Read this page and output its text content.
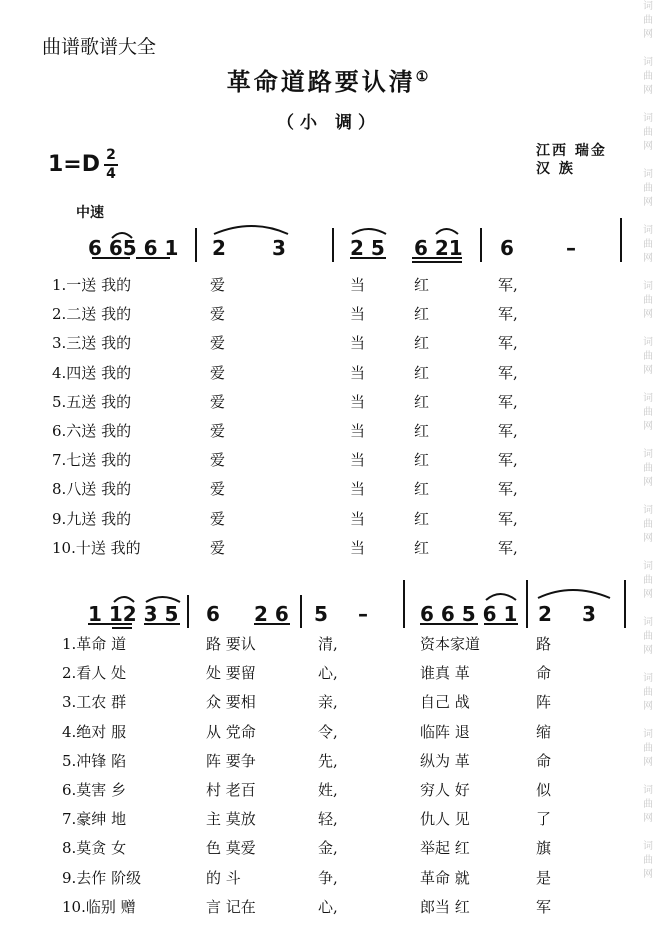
词
曲
网

词
曲
网

词
曲
网

词
曲
网

词
曲
网

词
曲
网

词
曲
网

词
曲
网

词
曲
网

词
曲
网

词
曲
网

词
曲
网

词
曲
网

词
曲
网

词
曲
网

词
曲
网

曲谱歌谱大全
革命道路要认清①
（小 调）
1=D 2
4
江西 瑞金
汉 族
中速
6 65 6 1 2 3	2 5 6 21 6	–
1.一送 我的	爱	当	红	军,
2.二送 我的	爱	当	红	军,
3.三送 我的	爱	当	红	军,
4.四送 我的	爱	当	红	军,
5.五送 我的	爱	当	红	军,
6.六送 我的	爱	当	红	军,
7.七送 我的	爱	当	红	军,
8.八送 我的	爱	当	红	军,
9.九送 我的	爱	当	红	军,
10.十送 我的	爱	当	红	军,
1 12 3 5 6 2 6 5 –	6 6 5 6 1 2 3
1.革命 道	路 要认	清,	资本家道	路
2.看人 处	处 要留	心,	谁真 革	命
3.工农 群	众 要相	亲,	自己 战	阵
4.绝对 服	从 党命	令,	临阵 退	缩
5.冲锋 陷	阵 要争	先,	纵为 革	命
6.莫害 乡	村 老百	姓,	穷人 好	似
7.豪绅 地	主 莫放	轻,	仇人 见	了
8.莫贪 女	色 莫爱	金,	举起 红	旗
9.去作 阶级	的 斗	争,	革命 就	是
10.临别 赠	言 记在	心,	郎当 红	军
